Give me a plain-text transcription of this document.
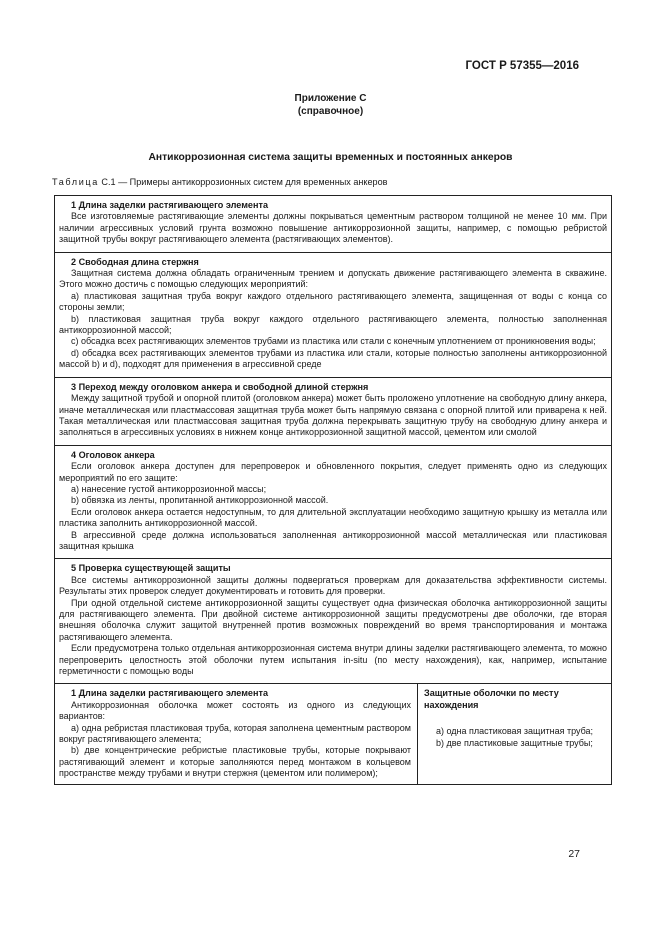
ГОСТ Р 57355—2016
Приложение C
(справочное)
Антикоррозионная система защиты временных и постоянных анкеров
Таблица С.1 — Примеры антикоррозионных систем для временных анкеров
1 Длина заделки растягивающего элемента

Все изготовляемые растягивающие элементы должны покрываться цементным раствором толщиной не менее 10 мм. При наличии агрессивных условий грунта возможно повышение антикоррозионной защиты, например, с помощью ребристой защитной трубы вокруг растягивающего элемента (растягивающих элементов).

2 Свободная длина стержня

Защитная система должна обладать ограниченным трением и допускать движение растягивающего элемента в скважине. Этого можно достичь с помощью следующих мероприятий:

а) пластиковая защитная труба вокруг каждого отдельного растягивающего элемента, защищенная от воды с конца со стороны земли;

b) пластиковая защитная труба вокруг каждого отдельного растягивающего элемента, полностью заполненная антикоррозионной массой;

c) обсадка всех растягивающих элементов трубами из пластика или стали с конечным уплотнением от проникновения воды;

d) обсадка всех растягивающих элементов трубами из пластика или стали, которые полностью заполнены антикоррозионной массой b) и d), подходят для применения в агрессивной среде

3 Переход между оголовком анкера и свободной длиной стержня

Между защитной трубой и опорной плитой (оголовком анкера) может быть проложено уплотнение на свободную длину анкера, иначе металлическая или пластмассовая защитная труба может быть напрямую связана с опорной плитой или приварена к ней. Такая металлическая или пластмассовая защитная труба должна перекрывать защитную трубу на свободную длину анкера и заполняться в агрессивных условиях в нижнем конце антикоррозионной защитной массой, цементом или смолой

4 Оголовок анкера

Если оголовок анкера доступен для перепроверок и обновленного покрытия, следует применять одно из следующих мероприятий по его защите:

а) нанесение густой антикоррозионной массы;

b) обвязка из ленты, пропитанной антикоррозионной массой.

Если оголовок анкера остается недоступным, то для длительной эксплуатации необходимо защитную крышку из металла или пластика заполнить антикоррозионной массой.

В агрессивной среде должна использоваться заполненная антикоррозионной массой металлическая или пластиковая защитная крышка

5 Проверка существующей защиты

Все системы антикоррозионной защиты должны подвергаться проверкам для доказательства эффективности системы. Результаты этих проверок следует документировать и готовить для проверки.

При одной отдельной системе антикоррозионной защиты существует одна физическая оболочка антикоррозионной защиты для растягивающего элемента. При двойной системе антикоррозионной защиты предусмотрены две оболочки, где вторая внешняя оболочка служит защитой внутренней против возможных повреждений во время транспортирования и монтажа растягивающего элемента.

Если предусмотрена только отдельная антикоррозионная система внутри длины заделки растягивающего элемента, то можно перепроверить целостность этой оболочки путем испытания in-situ (по месту нахождения), как, например, испытание герметичности с помощью воды

1 Длина заделки растягивающего элемента

Антикоррозионная оболочка может состоять из одного из следующих вариантов:

а) одна ребристая пластиковая труба, которая заполнена цементным раствором вокруг растягивающего элемента;

b) две концентрические ребристые пластиковые трубы, которые покрывают растягивающий элемент и которые заполняются перед монтажом в кольцевом пространстве между трубами и внутри стержня (цементом или полимером);

Защитные оболочки по месту нахождения

а) одна пластиковая защитная труба;

b) две пластиковые защитные трубы;

27
